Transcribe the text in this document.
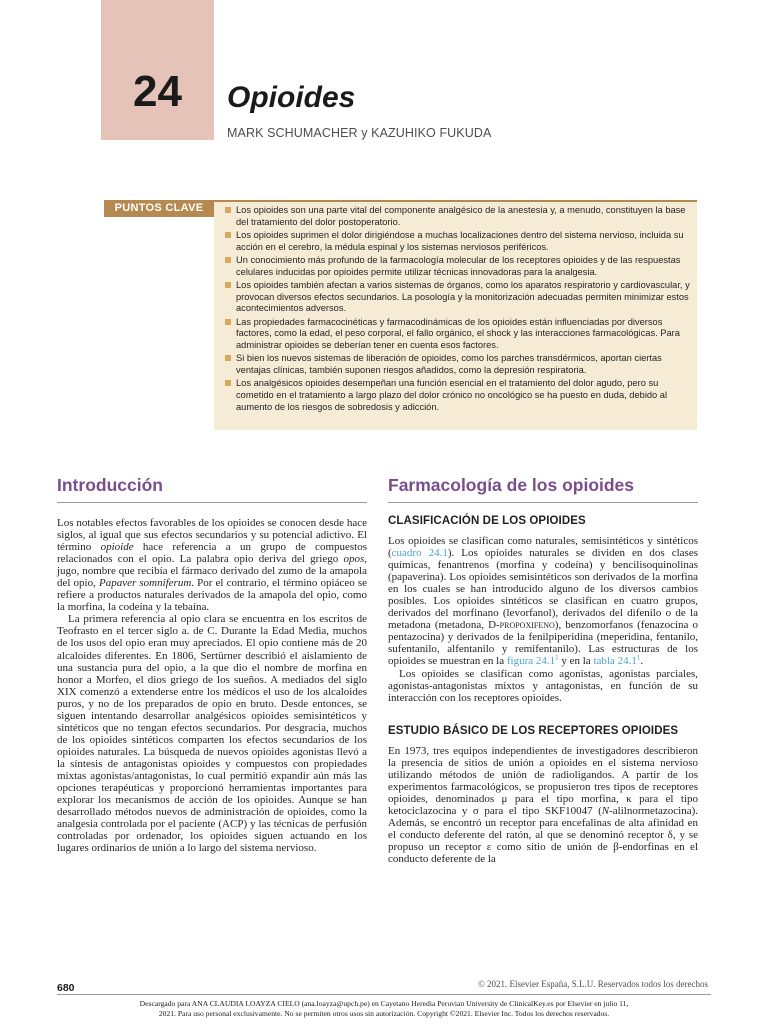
24	Opioides
MARK SCHUMACHER y KAZUHIKO FUKUDA
PUNTOS CLAVE	Los opioides son una parte vital del componente analgésico de la anestesia y, a menudo, constituyen la base del tratamiento del dolor postoperatorio.
Los opioides suprimen el dolor dirigiéndose a muchas localizaciones dentro del sistema nervioso, incluida su acción en el cerebro, la médula espinal y los sistemas nerviosos periféricos.
Un conocimiento más profundo de la farmacología molecular de los receptores opioides y de las respuestas celulares inducidas por opioides permite utilizar técnicas innovadoras para la analgesia.
Los opioides también afectan a varios sistemas de órganos, como los aparatos respiratorio y cardiovascular, y provocan diversos efectos secundarios. La posología y la monitorización adecuadas permiten minimizar estos acontecimientos adversos.
Las propiedades farmacocinéticas y farmacodinámicas de los opioides están influenciadas por diversos factores, como la edad, el peso corporal, el fallo orgánico, el shock y las interacciones farmacológicas. Para administrar opioides se deberían tener en cuenta esos factores.
Si bien los nuevos sistemas de liberación de opioides, como los parches transdérmicos, aportan ciertas ventajas clínicas, también suponen riesgos añadidos, como la depresión respiratoria.
Los analgésicos opioides desempeñan una función esencial en el tratamiento del dolor agudo, pero su cometido en el tratamiento a largo plazo del dolor crónico no oncológico se ha puesto en duda, debido al aumento de los riesgos de sobredosis y adicción.
Introducción

Los notables efectos favorables de los opioides se conocen desde hace siglos, al igual que sus efectos secundarios y su potencial adictivo. El término opioide hace referencia a un grupo de compuestos relacionados con el opio. La palabra opio deriva del griego opos, jugo, nombre que recibía el fármaco derivado del zumo de la amapola del opio, Papaver somniferum. Por el contrario, el término opiáceo se refiere a productos naturales derivados de la amapola del opio, como la morfina, la codeína y la tebaína.

La primera referencia al opio clara se encuentra en los escritos de Teofrasto en el tercer siglo a. de C. Durante la Edad Media, muchos de los usos del opio eran muy apreciados. El opio contiene más de 20 alcaloides diferentes. En 1806, Sertürner describió el aislamiento de una sustancia pura del opio, a la que dio el nombre de morfina en honor a Morfeo, el dios griego de los sueños. A mediados del siglo XIX comenzó a extenderse entre los médicos el uso de los alcaloides puros, y no de los preparados de opio en bruto. Desde entonces, se siguen intentando desarrollar analgésicos opioides semisintéticos y sintéticos que no tengan efectos secundarios. Por desgracia, muchos de los opioides sintéticos comparten los efectos secundarios de los opioides naturales. La búsqueda de nuevos opioides agonistas llevó a la síntesis de antagonistas opioides y compuestos con propiedades mixtas agonistas/antagonistas, lo cual permitió expandir aún más las opciones terapéuticas y proporcionó herramientas importantes para explorar los mecanismos de acción de los opioides. Aunque se han desarrollado métodos nuevos de administración de opioides, como la analgesia controlada por el paciente (ACP) y las técnicas de perfusión controladas por ordenador, los opioides siguen actuando en los lugares ordinarios de unión a lo largo del sistema nervioso.

Farmacología de los opioides
CLASIFICACIÓN DE LOS OPIOIDES

Los opioides se clasifican como naturales, semisintéticos y sintéticos (cuadro 24.1). Los opioides naturales se dividen en dos clases químicas, fenantrenos (morfina y codeína) y bencilisoquinolinas (papaverina). Los opioides semisintéticos son derivados de la morfina en los cuales se han introducido alguno de los diversos cambios posibles. Los opioides sintéticos se clasifican en cuatro grupos, derivados del morfinano (levorfanol), derivados del difenilo o de la metadona (metadona, D-propoxifeno), benzomorfanos (fenazocina o pentazocina) y derivados de la fenilpiperidina (meperidina, fentanilo, sufentanilo, alfentanilo y remifentanilo). Las estructuras de los opioides se muestran en la figura 24.1$^1$ y en la tabla 24.1$^1$.

Los opioides se clasifican como agonistas, agonistas parciales, agonistas-antagonistas mixtos y antagonistas, en función de su interacción con los receptores opioides.

ESTUDIO BÁSICO DE LOS RECEPTORES OPIOIDES

En 1973, tres equipos independientes de investigadores describieron la presencia de sitios de unión a opioides en el sistema nervioso utilizando métodos de unión de radioligandos. A partir de los experimentos farmacológicos, se propusieron tres tipos de receptores opioides, denominados μ para el tipo morfina, κ para el tipo ketociclazocina y σ para el tipo SKF10047 (N-alilnormetazocina). Además, se encontró un receptor para encefalinas de alta afinidad en el conducto deferente del ratón, al que se denominó receptor δ, y se propuso un receptor ε como sitio de unión de β-endorfinas en el conducto deferente de la

680	© 2021. Elsevier España, S.L.U. Reservados todos los derechos
Descargado para ANA CLAUDIA LOAYZA CIELO (ana.loayza@upch.pe) en Cayetano Heredia Peruvian University de ClinicalKey.es por Elsevier en julio 11,
2021. Para uso personal exclusivamente. No se permiten otros usos sin autorización. Copyright ©2021. Elsevier Inc. Todos los derechos reservados.
